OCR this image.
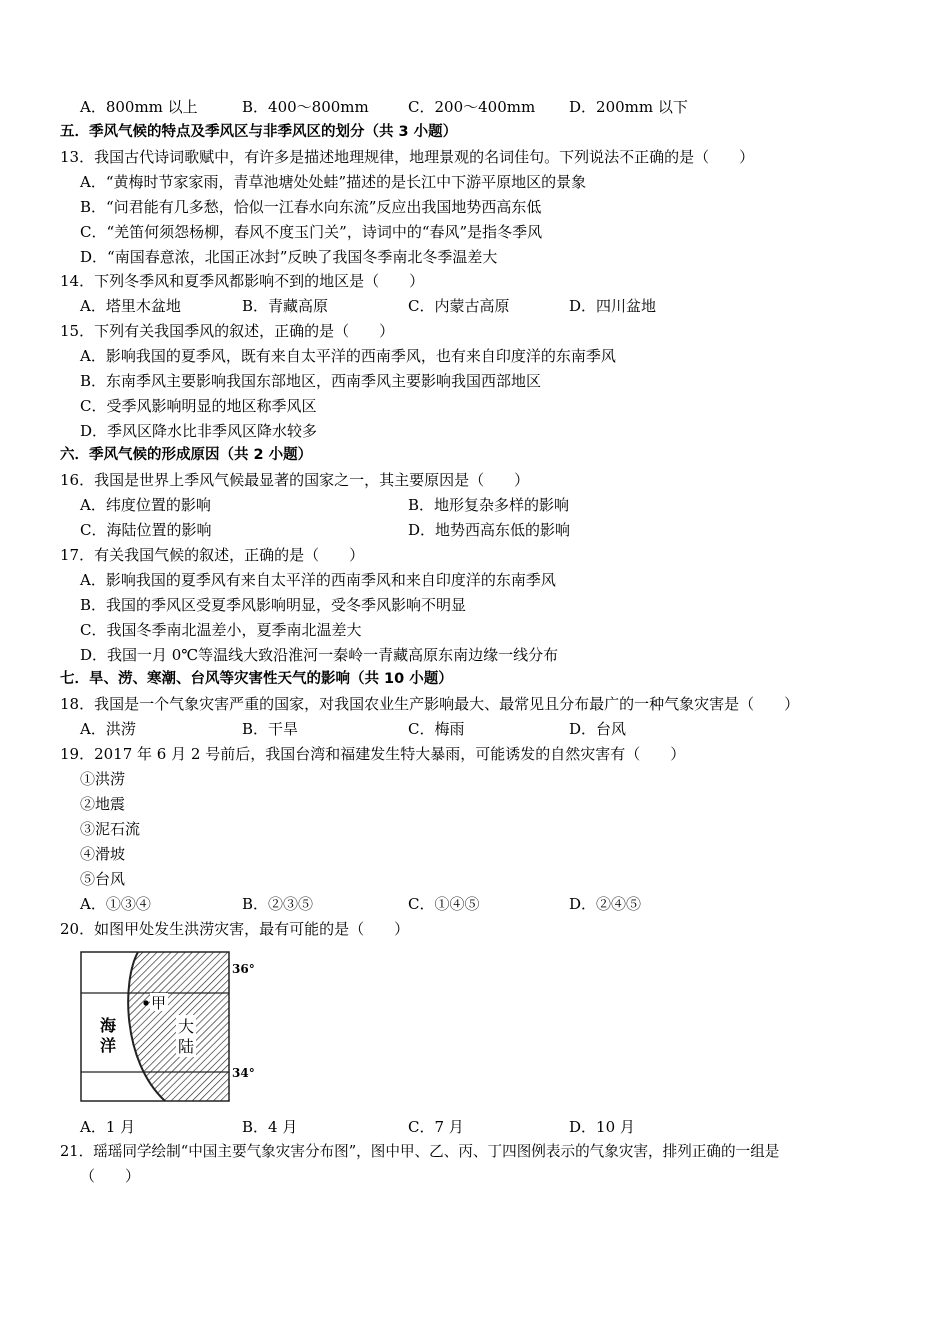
A．800mm 以上	B．400～800mm	C．200～400mm D．200mm 以下
五．季风气候的特点及季风区与非季风区的划分（共 3 小题）
13．我国古代诗词歌赋中，有许多是描述地理规律，地理景观的名词佳句。下列说法不正确的是（　　）
A．“黄梅时节家家雨，青草池塘处处蛙”描述的是长江中下游平原地区的景象
B．“问君能有几多愁，恰似一江春水向东流”反应出我国地势西高东低
C．“羌笛何须怨杨柳，春风不度玉门关”，诗词中的“春风”是指冬季风
D．“南国春意浓，北国正冰封”反映了我国冬季南北冬季温差大
14．下列冬季风和夏季风都影响不到的地区是（　　）
A．塔里木盆地	B．青藏高原	C．内蒙古高原	D．四川盆地
15．下列有关我国季风的叙述，正确的是（　　）
A．影响我国的夏季风，既有来自太平洋的西南季风，也有来自印度洋的东南季风
B．东南季风主要影响我国东部地区，西南季风主要影响我国西部地区
C．受季风影响明显的地区称季风区
D．季风区降水比非季风区降水较多
六．季风气候的形成原因（共 2 小题）
16．我国是世界上季风气候最显著的国家之一，其主要原因是（　　）
A．纬度位置的影响	B．地形复杂多样的影响
C．海陆位置的影响	D．地势西高东低的影响
17．有关我国气候的叙述，正确的是（　　）
A．影响我国的夏季风有来自太平洋的西南季风和来自印度洋的东南季风
B．我国的季风区受夏季风影响明显，受冬季风影响不明显
C．我国冬季南北温差小，夏季南北温差大
D．我国一月 0℃等温线大致沿淮河一秦岭一青藏高原东南边缘一线分布
七．旱、涝、寒潮、台风等灾害性天气的影响（共 10 小题）
18．我国是一个气象灾害严重的国家，对我国农业生产影响最大、最常见且分布最广的一种气象灾害是（　　）
A．洪涝	B．干旱	C．梅雨	D．台风
19．2017 年 6 月 2 号前后，我国台湾和福建发生特大暴雨，可能诱发的自然灾害有（　　）
①洪涝
②地震
③泥石流
④滑坡
⑤台风
A．①③④	B．②③⑤	C．①④⑤	D．②④⑤
20．如图甲处发生洪涝灾害，最有可能的是（　　）
36°
34°
甲
海
洋
大
陆
A．1 月	B．4 月	C．7 月	D．10 月
21．瑶瑶同学绘制“中国主要气象灾害分布图”，图中甲、乙、丙、丁四图例表示的气象灾害，排列正确的一组是
（　　）
